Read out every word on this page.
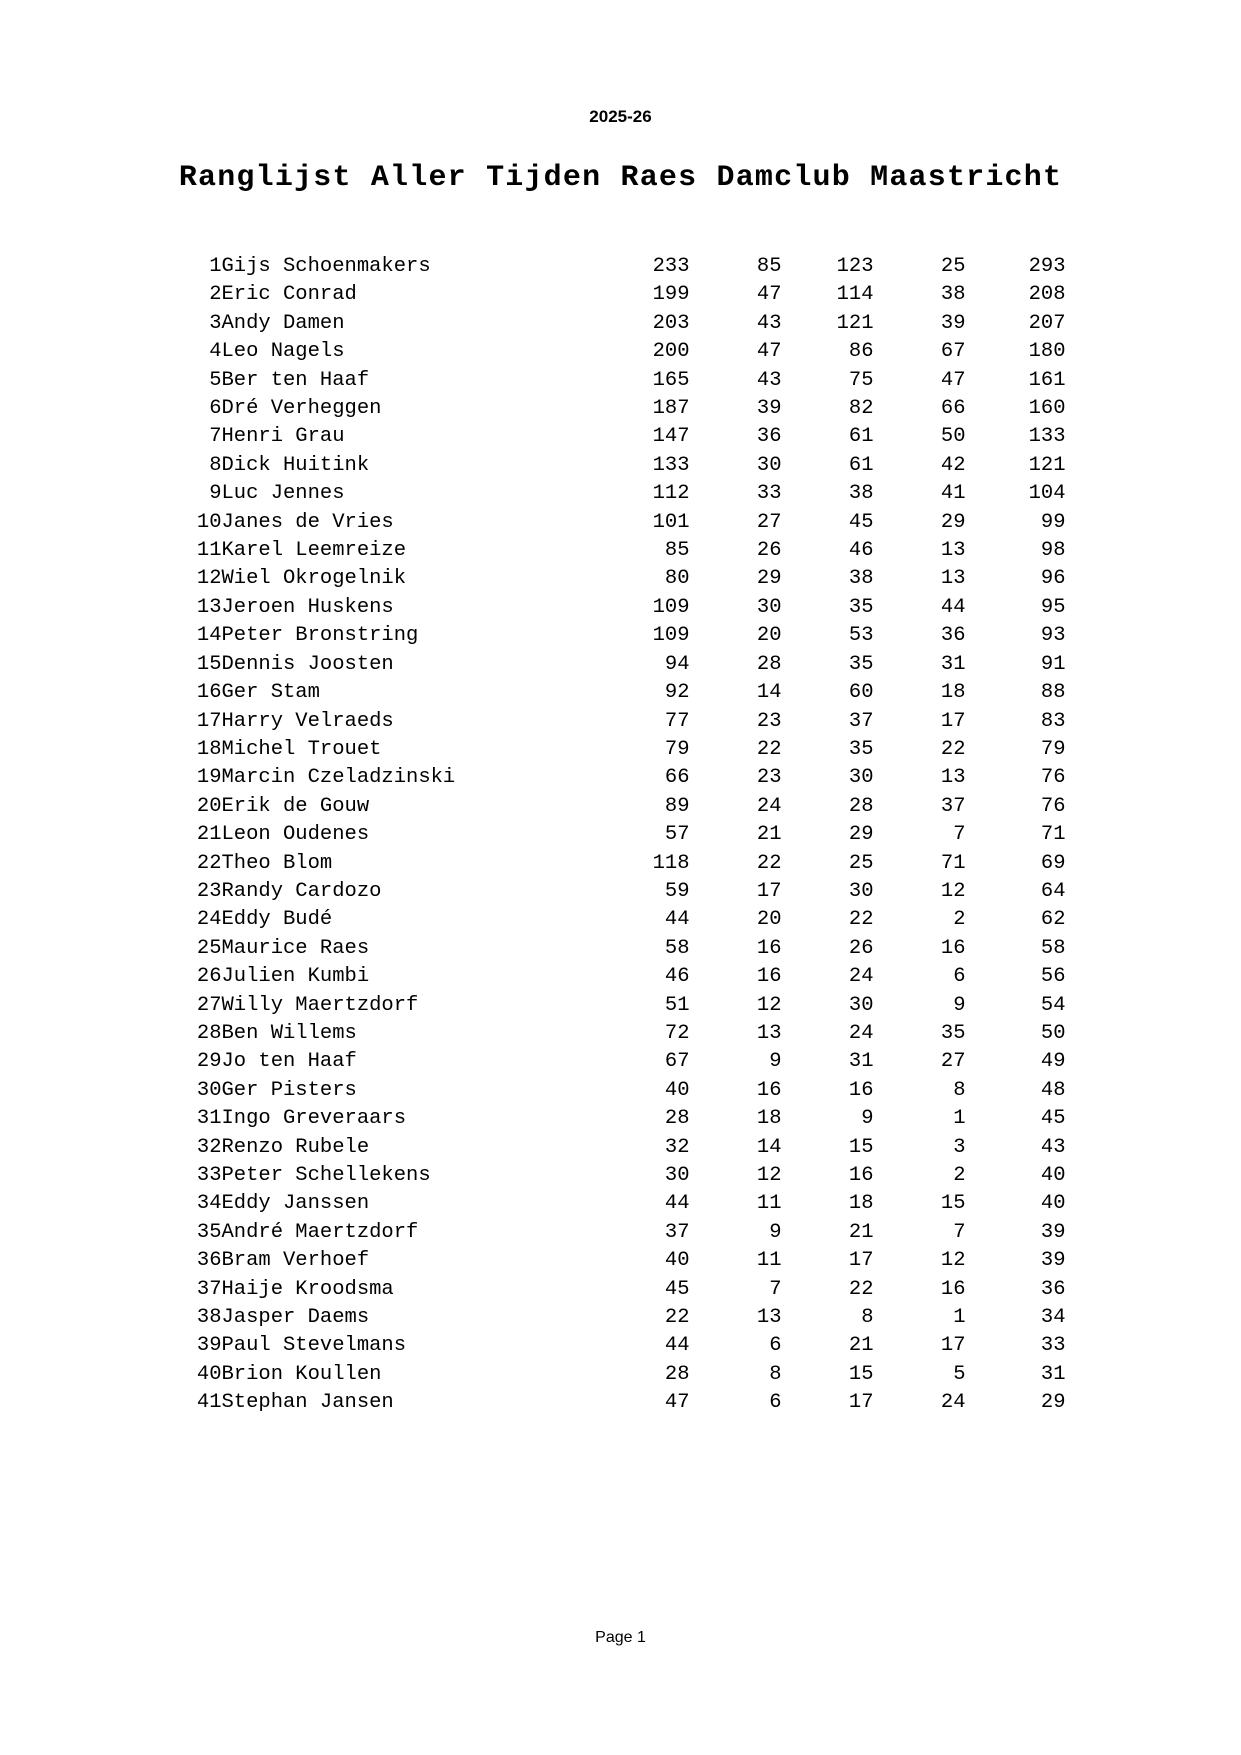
2025-26
Ranglijst Aller Tijden Raes Damclub Maastricht
1	Gijs Schoenmakers	233	85	123	25	293
2	Eric Conrad	199	47	114	38	208
3	Andy Damen	203	43	121	39	207
4	Leo Nagels	200	47	86	67	180
5	Ber ten Haaf	165	43	75	47	161
6	Dré Verheggen	187	39	82	66	160
7	Henri Grau	147	36	61	50	133
8	Dick Huitink	133	30	61	42	121
9	Luc Jennes	112	33	38	41	104
10	Janes de Vries	101	27	45	29	99
11	Karel Leemreize	85	26	46	13	98
12	Wiel Okrogelnik	80	29	38	13	96
13	Jeroen Huskens	109	30	35	44	95
14	Peter Bronstring	109	20	53	36	93
15	Dennis Joosten	94	28	35	31	91
16	Ger Stam	92	14	60	18	88
17	Harry Velraeds	77	23	37	17	83
18	Michel Trouet	79	22	35	22	79
19	Marcin Czeladzinski	66	23	30	13	76
20	Erik de Gouw	89	24	28	37	76
21	Leon Oudenes	57	21	29	7	71
22	Theo Blom	118	22	25	71	69
23	Randy Cardozo	59	17	30	12	64
24	Eddy Budé	44	20	22	2	62
25	Maurice Raes	58	16	26	16	58
26	Julien Kumbi	46	16	24	6	56
27	Willy Maertzdorf	51	12	30	9	54
28	Ben Willems	72	13	24	35	50
29	Jo ten Haaf	67	9	31	27	49
30	Ger Pisters	40	16	16	8	48
31	Ingo Greveraars	28	18	9	1	45
32	Renzo Rubele	32	14	15	3	43
33	Peter Schellekens	30	12	16	2	40
34	Eddy Janssen	44	11	18	15	40
35	André Maertzdorf	37	9	21	7	39
36	Bram Verhoef	40	11	17	12	39
37	Haije Kroodsma	45	7	22	16	36
38	Jasper Daems	22	13	8	1	34
39	Paul Stevelmans	44	6	21	17	33
40	Brion Koullen	28	8	15	5	31
41	Stephan Jansen	47	6	17	24	29
Page 1
